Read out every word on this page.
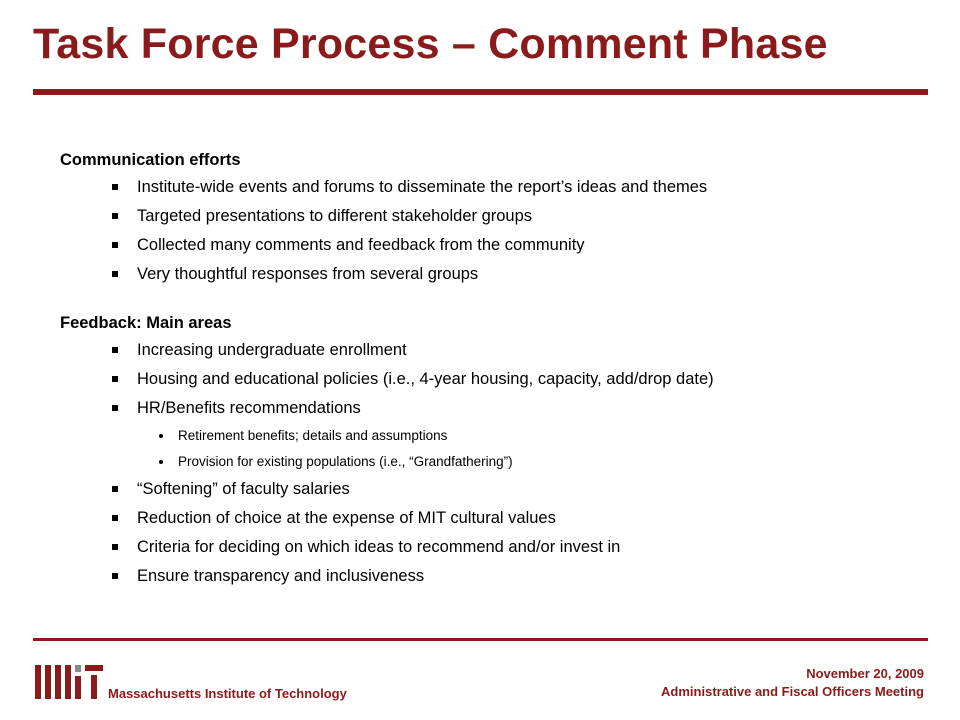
Task Force Process – Comment Phase
Communication efforts
Institute-wide events and forums to disseminate the report’s ideas and themes
Targeted presentations to different stakeholder groups
Collected many comments and feedback from the community
Very thoughtful responses from several groups
Feedback: Main areas
Increasing undergraduate enrollment
Housing and educational policies (i.e., 4-year housing, capacity, add/drop date)
HR/Benefits recommendations
Retirement benefits; details and assumptions
Provision for existing populations (i.e., “Grandfathering”)
“Softening” of faculty salaries
Reduction of choice at the expense of MIT cultural values
Criteria for deciding on which ideas to recommend and/or invest in
Ensure transparency and inclusiveness
Massachusetts Institute of Technology
November 20, 2009
Administrative and Fiscal Officers Meeting
